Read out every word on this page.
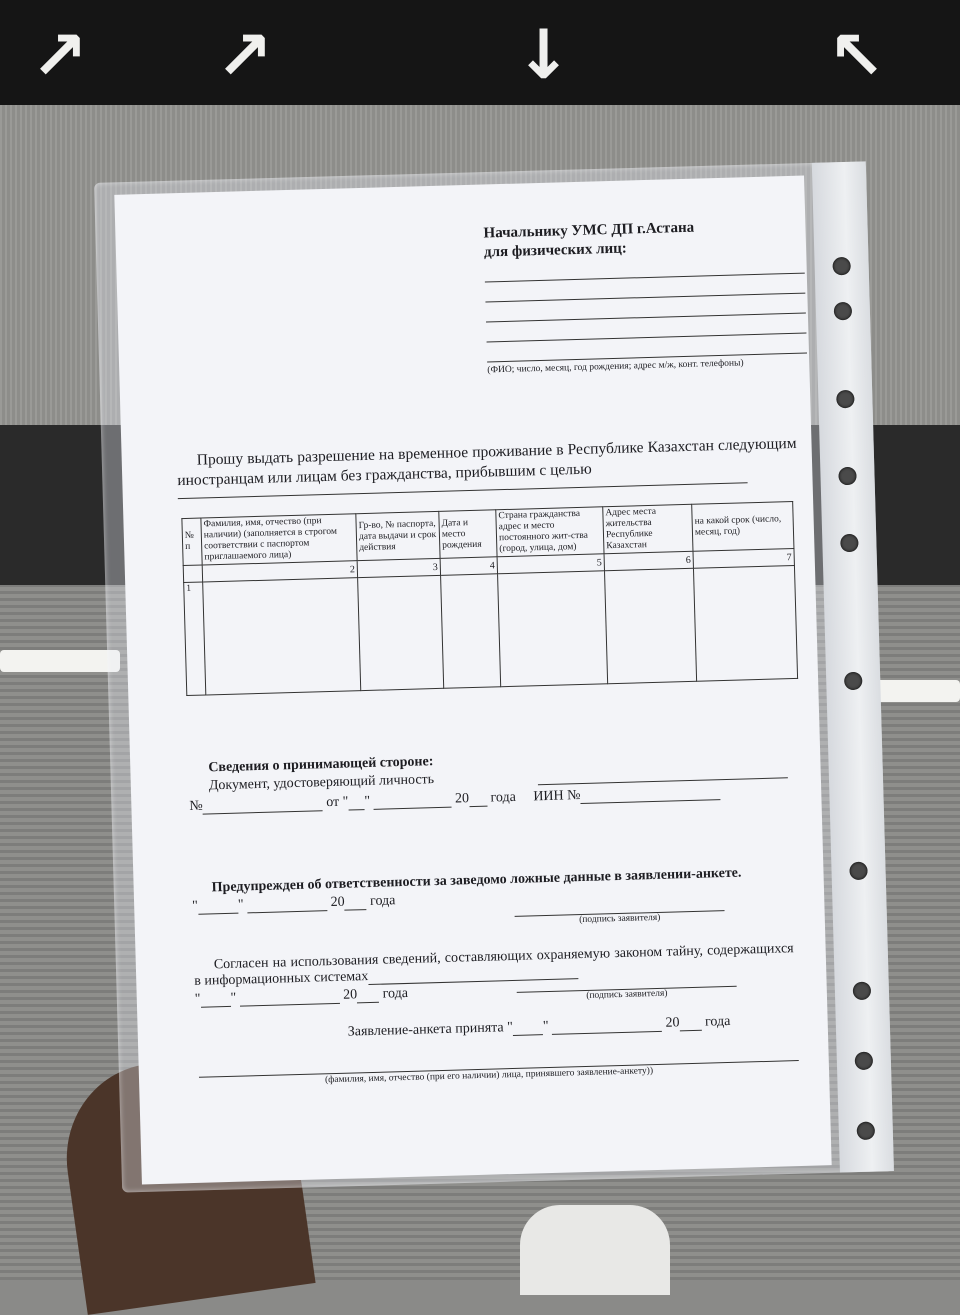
↑ ↑	↓	↑
Начальнику УМС ДП г.Астана
для физических лиц:
(ФИО; число, месяц, год рождения; адрес м/ж, конт. телефоны)
Прошу выдать разрешение на временное проживание в Республике Казахстан следующим иностранцам или лицам без гражданства, прибывшим с целью
№ п	Фамилия, имя, отчество (при наличии) (заполняется в строгом соответствии с паспортом приглашаемого лица)	Гр-во, № паспорта, дата выдачи и срок действия	Дата и место рождения	Страна гражданства адрес и место постоянного жит-ства (город, улица, дом)	Адрес места жительства Республике Казахстан	на какой срок (число, месяц, год)
	2	3	4	5	6	7
1						
Сведения о принимающей стороне:
Документ, удостоверяющий личность
№	от " "	20 года ИИН №
Предупрежден об ответственности за заведомо ложные данные в заявлении-анкете.
"	"	20 года
(подпись заявителя)
Согласен на использования сведений, составляющих охраняемую законом тайну, содержащихся в информационных системах
" "	20 года	(подпись заявителя)
Заявление-анкета принята " "	20 года
(фамилия, имя, отчество (при его наличии) лица, принявшего заявление-анкету))
